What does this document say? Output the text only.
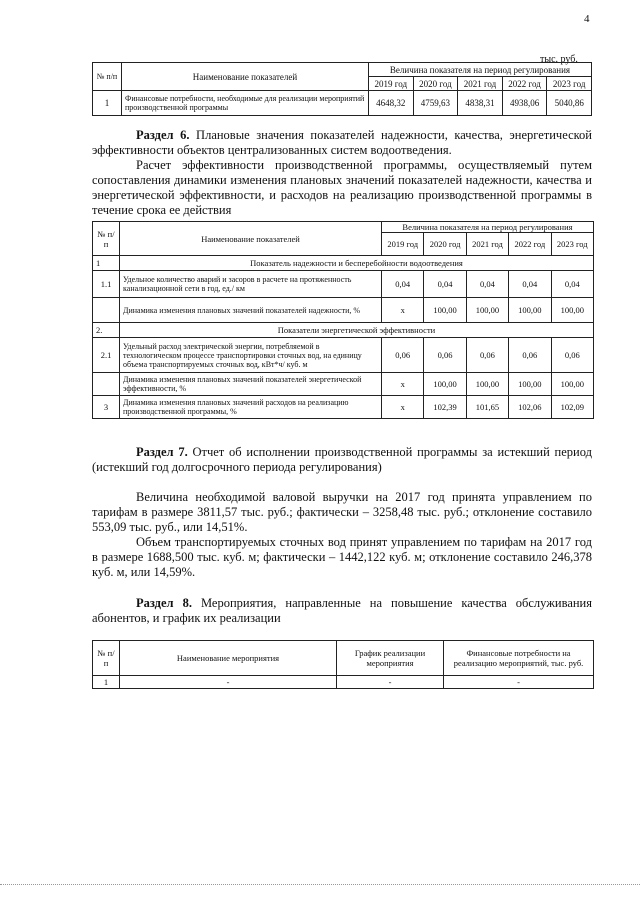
4
тыс. руб.
№ п/п	Наименование показателей	Величина показателя на период регулирования				
		2019 год	2020 год	2021 год	2022 год	2023 год
1	Финансовые потребности, необходимые для реализации мероприятий производственной программы	4648,32	4759,63	4838,31	4938,06	5040,86
Раздел 6. Плановые значения показателей надежности, качества, энергетической эффективности объектов централизованных систем водоотведения.
Расчет эффективности производственной программы, осуществляемый путем сопоставления динамики изменения плановых значений показателей надежности, качества и энергетической эффективности, и расходов на реализацию производственной программы в течение срока ее действия
№ п/ п	Наименование показателей	Величина показателя на период регулирования				
		2019 год	2020 год	2021 год	2022 год	2023 год
1	Показатель надежности и бесперебойности водоотведения					
1.1	Удельное количество аварий и засоров в расчете на протяженность канализационной сети в год, ед./ км	0,04	0,04	0,04	0,04	0,04
	Динамика изменения плановых значений показателей надежности, %	х	100,00	100,00	100,00	100,00
2.	Показатели энергетической эффективности					
2.1	Удельный расход электрической энергии, потребляемой в технологическом процессе транспортировки сточных вод, на единицу объема транспортируемых сточных вод, кВт*ч/ куб. м	0,06	0,06	0,06	0,06	0,06
	Динамика изменения плановых значений показателей энергетической эффективности, %	х	100,00	100,00	100,00	100,00
3	Динамика изменения плановых значений расходов на реализацию производственной программы, %	х	102,39	101,65	102,06	102,09
Раздел 7. Отчет об исполнении производственной программы за истекший период (истекший год долгосрочного периода регулирования)
Величина необходимой валовой выручки на 2017 год принята управлением по тарифам в размере 3811,57 тыс. руб.; фактически – 3258,48 тыс. руб.; отклонение составило 553,09 тыс. руб., или 14,51%.
Объем транспортируемых сточных вод принят управлением по тарифам на 2017 год в размере 1688,500 тыс. куб. м; фактически – 1442,122 куб. м; отклонение составило 246,378 куб. м, или 14,59%.
Раздел 8. Мероприятия, направленные на повышение качества обслуживания абонентов, и график их реализации
№ п/п	Наименование мероприятия	График реализации мероприятия	Финансовые потребности на реализацию мероприятий, тыс. руб.
1	-	-	-
